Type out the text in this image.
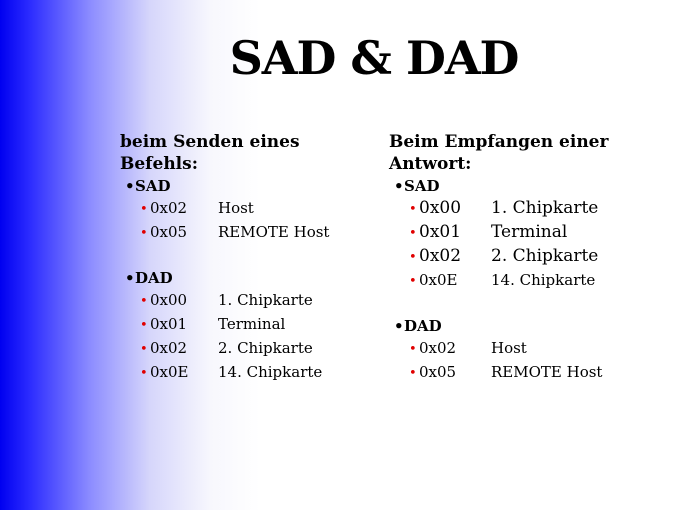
SAD & DAD
beim Senden eines
Befehls:
•SAD
• 0x02	Host
• 0x05	REMOTE Host
•DAD
• 0x00	1. Chipkarte
• 0x01	Terminal
• 0x02	2. Chipkarte
• 0x0E	14. Chipkarte
Beim Empfangen einer
Antwort:
•SAD
• 0x00	1. Chipkarte
• 0x01	Terminal
• 0x02	2. Chipkarte
• 0x0E	14. Chipkarte
•DAD
• 0x02	Host
• 0x05	REMOTE Host
